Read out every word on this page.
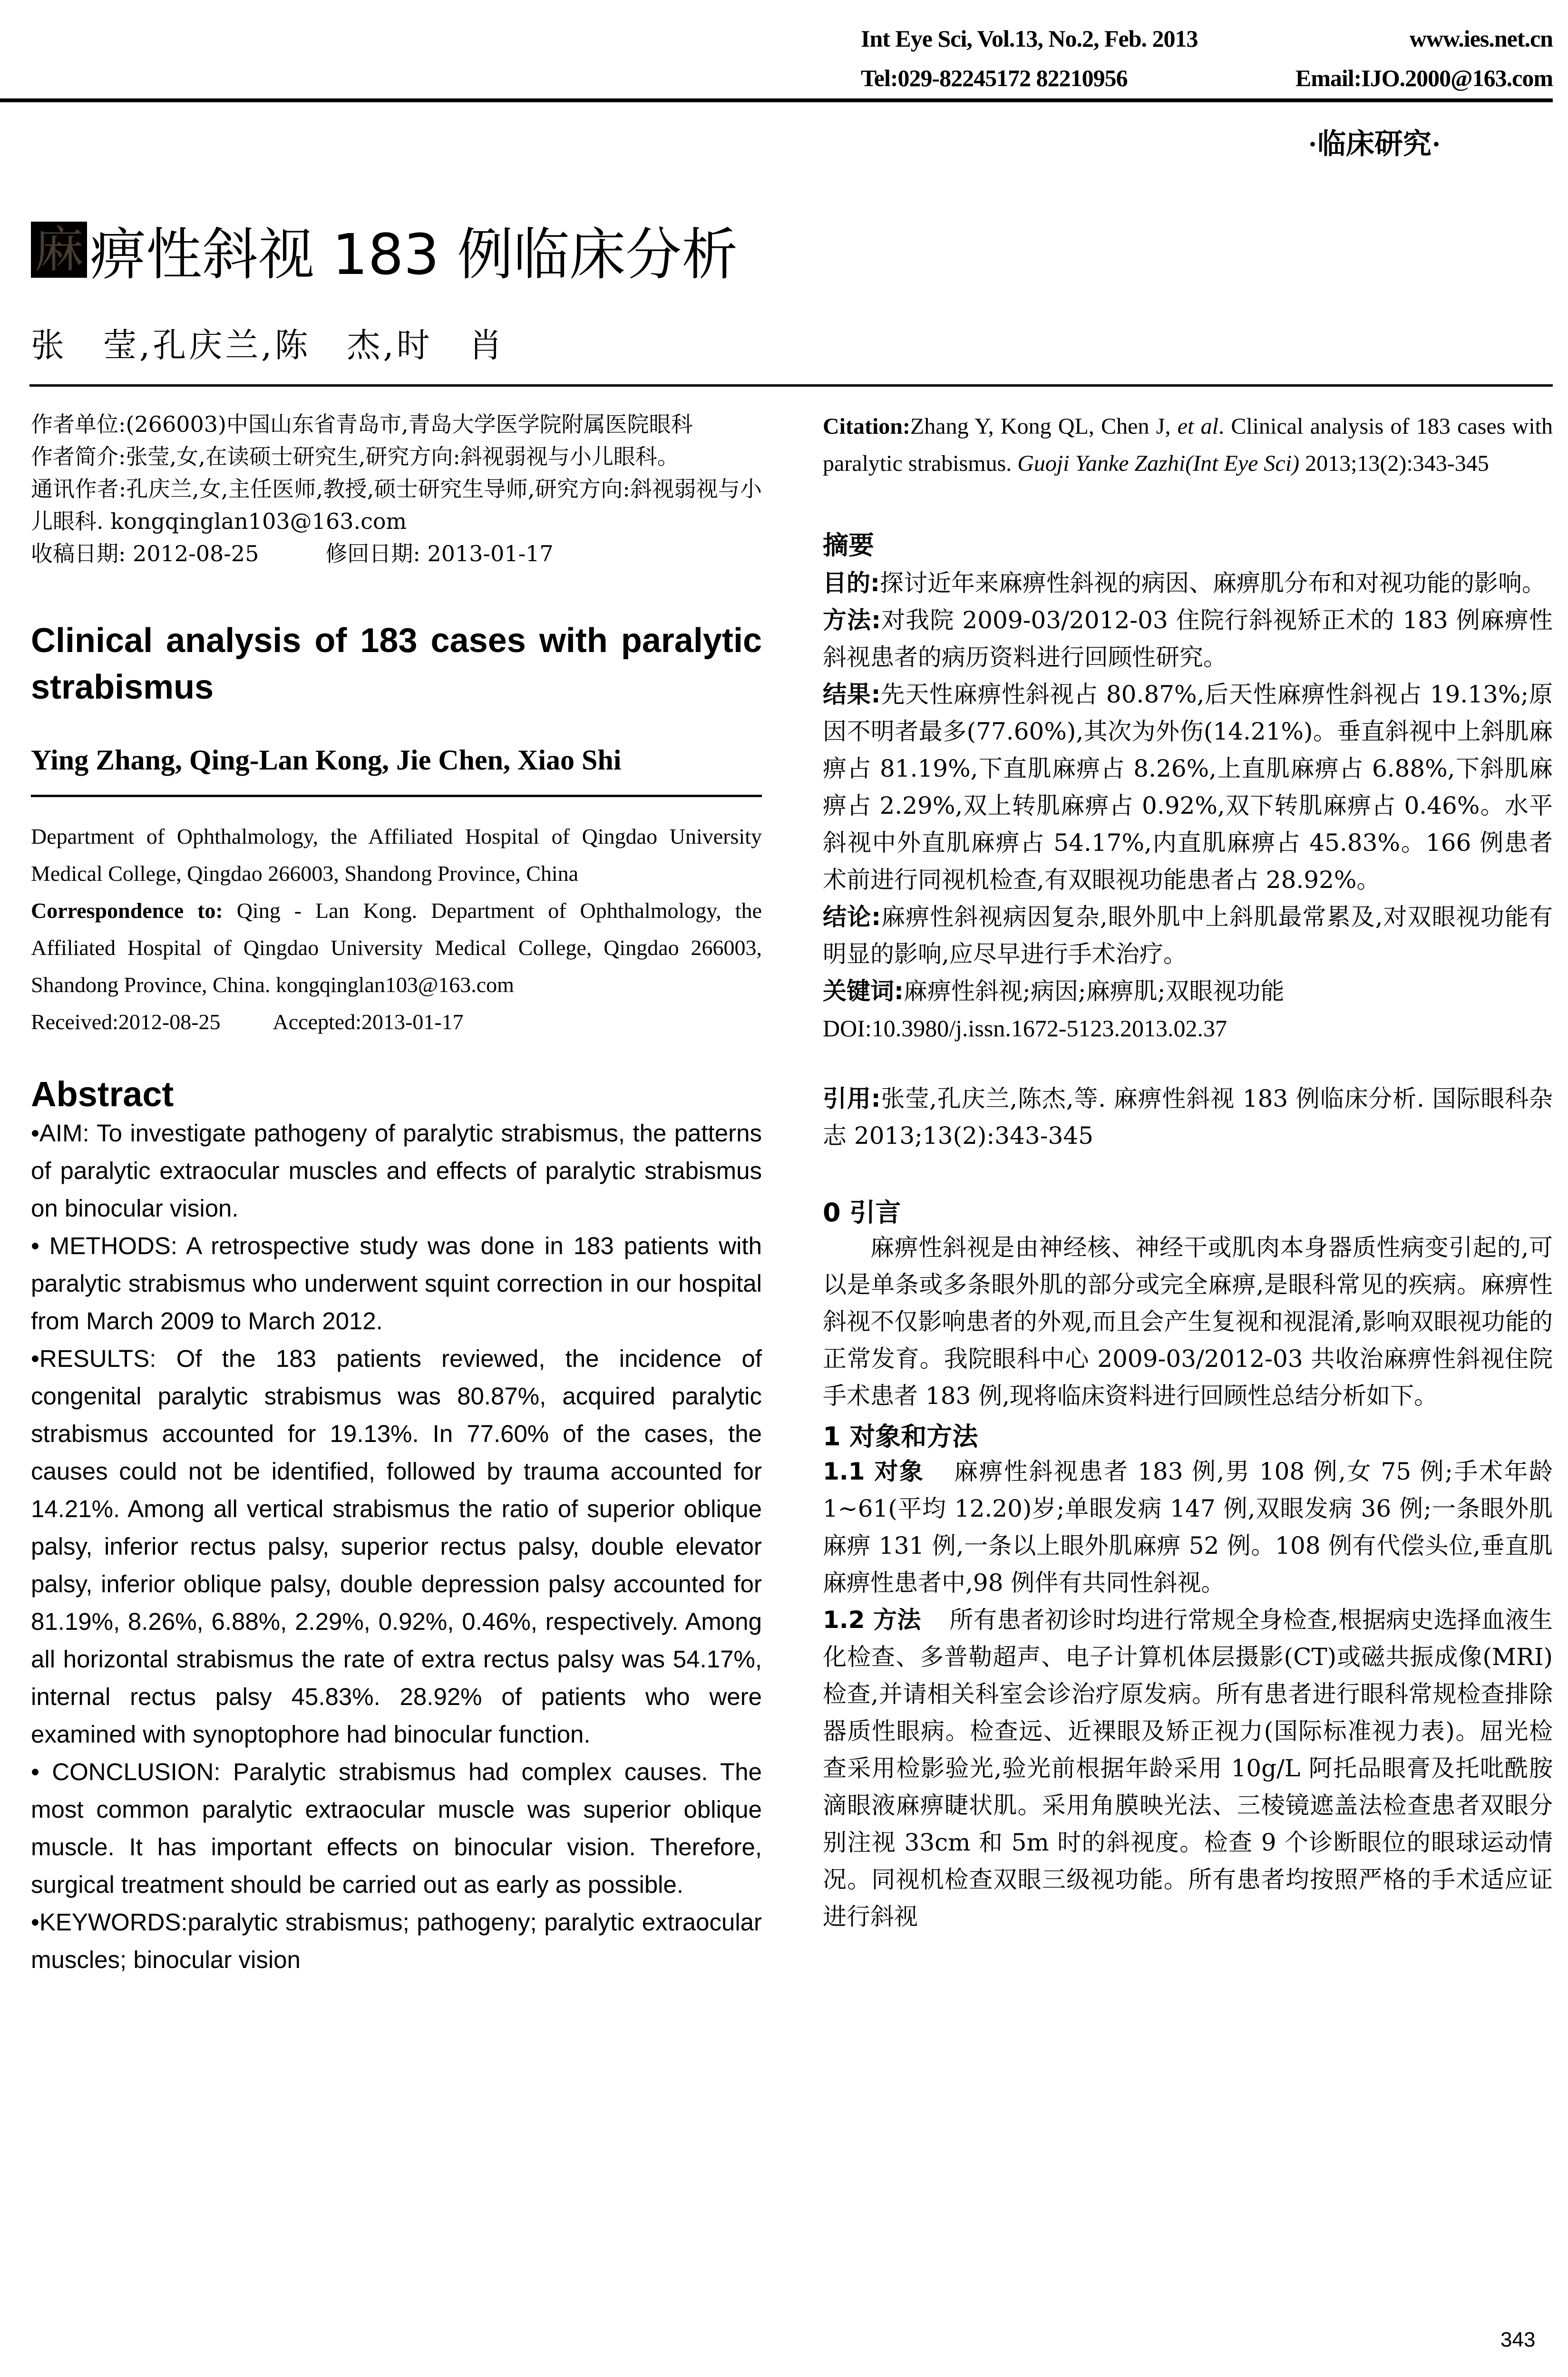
Int Eye Sci, Vol.13, No.2, Feb. 2013	www.ies.net.cn
Tel:029-82245172 82210956	Email:IJO.2000@163.com
·临床研究·
麻 痹性斜视 183 例临床分析
张　莹,孔庆兰,陈　杰,时　肖

作者单位:(266003)中国山东省青岛市,青岛大学医学院附属医院眼科

作者简介:张莹,女,在读硕士研究生,研究方向:斜视弱视与小儿眼科。

通讯作者:孔庆兰,女,主任医师,教授,硕士研究生导师,研究方向:斜视弱视与小儿眼科. kongqinglan103@163.com

收稿日期: 2012-08-25	修回日期: 2013-01-17

Clinical analysis of 183 cases with paralytic strabismus

Ying Zhang, Qing-Lan Kong, Jie Chen, Xiao Shi

Department of Ophthalmology, the Affiliated Hospital of Qingdao University Medical College, Qingdao 266003, Shandong Province, China

Correspondence to: Qing - Lan Kong. Department of Ophthalmology, the Affiliated Hospital of Qingdao University Medical College, Qingdao 266003, Shandong Province, China. kongqinglan103@163.com

Received:2012-08-25 Accepted:2013-01-17

Abstract

•AIM: To investigate pathogeny of paralytic strabismus, the patterns of paralytic extraocular muscles and effects of paralytic strabismus on binocular vision.

• METHODS: A retrospective study was done in 183 patients with paralytic strabismus who underwent squint correction in our hospital from March 2009 to March 2012.

•RESULTS: Of the 183 patients reviewed, the incidence of congenital paralytic strabismus was 80.87%, acquired paralytic strabismus accounted for 19.13%. In 77.60% of the cases, the causes could not be identified, followed by trauma accounted for 14.21%. Among all vertical strabismus the ratio of superior oblique palsy, inferior rectus palsy, superior rectus palsy, double elevator palsy, inferior oblique palsy, double depression palsy accounted for 81.19%, 8.26%, 6.88%, 2.29%, 0.92%, 0.46%, respectively. Among all horizontal strabismus the rate of extra rectus palsy was 54.17%, internal rectus palsy 45.83%. 28.92% of patients who were examined with synoptophore had binocular function.

• CONCLUSION: Paralytic strabismus had complex causes. The most common paralytic extraocular muscle was superior oblique muscle. It has important effects on binocular vision. Therefore, surgical treatment should be carried out as early as possible.

•KEYWORDS:paralytic strabismus; pathogeny; paralytic extraocular muscles; binocular vision

Citation:Zhang Y, Kong QL, Chen J, et al. Clinical analysis of 183 cases with paralytic strabismus. Guoji Yanke Zazhi(Int Eye Sci) 2013;13(2):343-345

摘要

目的:探讨近年来麻痹性斜视的病因、麻痹肌分布和对视功能的影响。

方法:对我院 2009-03/2012-03 住院行斜视矫正术的 183 例麻痹性斜视患者的病历资料进行回顾性研究。

结果:先天性麻痹性斜视占 80.87%,后天性麻痹性斜视占 19.13%;原因不明者最多(77.60%),其次为外伤(14.21%)。垂直斜视中上斜肌麻痹占 81.19%,下直肌麻痹占 8.26%,上直肌麻痹占 6.88%,下斜肌麻痹占 2.29%,双上转肌麻痹占 0.92%,双下转肌麻痹占 0.46%。水平斜视中外直肌麻痹占 54.17%,内直肌麻痹占 45.83%。166 例患者术前进行同视机检查,有双眼视功能患者占 28.92%。

结论:麻痹性斜视病因复杂,眼外肌中上斜肌最常累及,对双眼视功能有明显的影响,应尽早进行手术治疗。

关键词:麻痹性斜视;病因;麻痹肌;双眼视功能

DOI:10.3980/j.issn.1672-5123.2013.02.37

引用:张莹,孔庆兰,陈杰,等. 麻痹性斜视 183 例临床分析. 国际眼科杂志 2013;13(2):343-345

0 引言

麻痹性斜视是由神经核、神经干或肌肉本身器质性病变引起的,可以是单条或多条眼外肌的部分或完全麻痹,是眼科常见的疾病。麻痹性斜视不仅影响患者的外观,而且会产生复视和视混淆,影响双眼视功能的正常发育。我院眼科中心 2009-03/2012-03 共收治麻痹性斜视住院手术患者 183 例,现将临床资料进行回顾性总结分析如下。

1 对象和方法

1.1 对象 麻痹性斜视患者 183 例,男 108 例,女 75 例;手术年龄 1~61(平均 12.20)岁;单眼发病 147 例,双眼发病 36 例;一条眼外肌麻痹 131 例,一条以上眼外肌麻痹 52 例。108 例有代偿头位,垂直肌麻痹性患者中,98 例伴有共同性斜视。

1.2 方法 所有患者初诊时均进行常规全身检查,根据病史选择血液生化检查、多普勒超声、电子计算机体层摄影(CT)或磁共振成像(MRI)检查,并请相关科室会诊治疗原发病。所有患者进行眼科常规检查排除器质性眼病。检查远、近裸眼及矫正视力(国际标准视力表)。屈光检查采用检影验光,验光前根据年龄采用 10g/L 阿托品眼膏及托吡酰胺滴眼液麻痹睫状肌。采用角膜映光法、三棱镜遮盖法检查患者双眼分别注视 33cm 和 5m 时的斜视度。检查 9 个诊断眼位的眼球运动情况。同视机检查双眼三级视功能。所有患者均按照严格的手术适应证进行斜视

343
